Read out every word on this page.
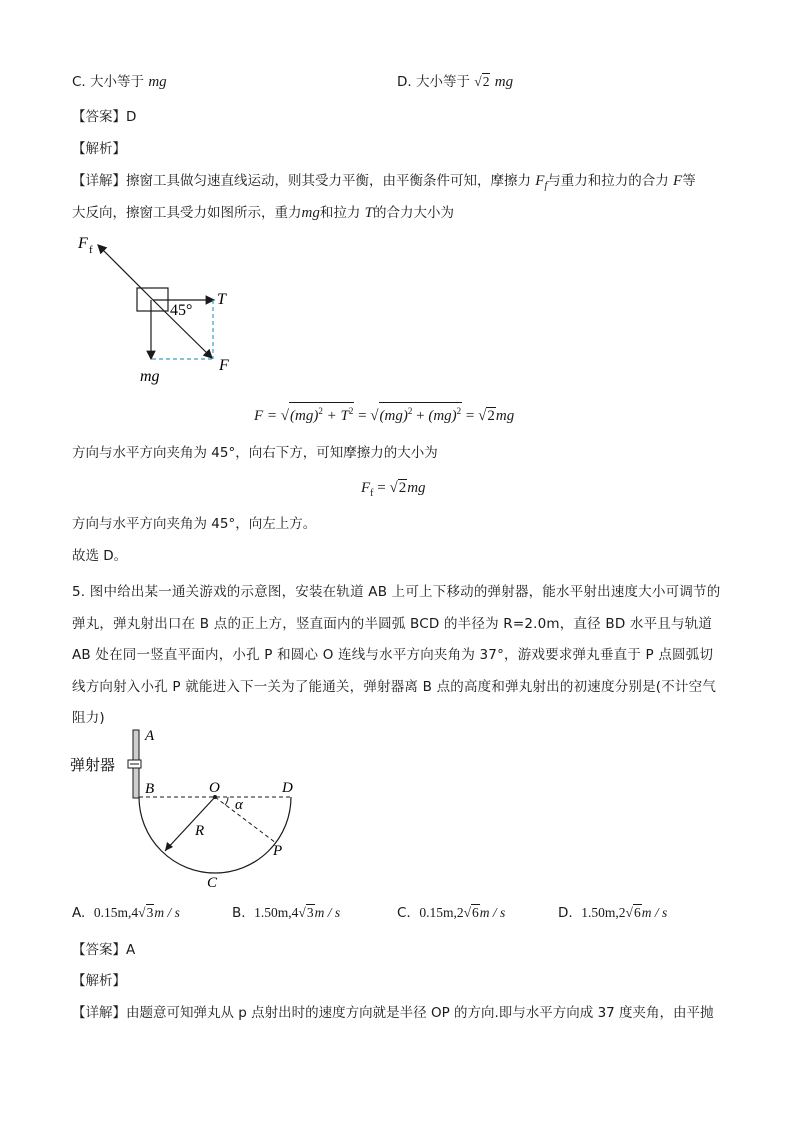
C. 大小等于 mg	D. 大小等于 √2 mg
【答案】D
【解析】
【详解】擦窗工具做匀速直线运动，则其受力平衡，由平衡条件可知，摩擦力 $F_f$与重力和拉力的合力 F等
大反向，擦窗工具受力如图所示，重力mg和拉力 T的合力大小为
F f
T
45°
F
mg
$F = √(mg)^2 + T^2 = √(mg)^2 + (mg)^2 = √2mg$
方向与水平方向夹角为 45°，向右下方，可知摩擦力的大小为
$F_f = √2mg$
方向与水平方向夹角为 45°，向左上方。
故选 D。
5. 图中给出某一通关游戏的示意图，安装在轨道 AB 上可上下移动的弹射器，能水平射出速度大小可调节的弹丸，弹丸射出口在 B 点的正上方，竖直面内的半圆弧 BCD 的半径为 R=2.0m，直径 BD 水平且与轨道 AB 处在同一竖直平面内，小孔 P 和圆心 O 连线与水平方向夹角为 37°，游戏要求弹丸垂直于 P 点圆弧切线方向射入小孔 P 就能进入下一关为了能通关，弹射器离 B 点的高度和弹丸射出的初速度分别是(不计空气阻力)
弹射器
A
B	O	D
α
R
P
C
A. 0.15m,4√3m / s	B. 1.50m,4√3m / s	C. 0.15m,2√6m / s	D. 1.50m,2√6m / s
【答案】A
【解析】
【详解】由题意可知弹丸从 p 点射出时的速度方向就是半径 OP 的方向.即与水平方向成 37 度夹角，由平抛
